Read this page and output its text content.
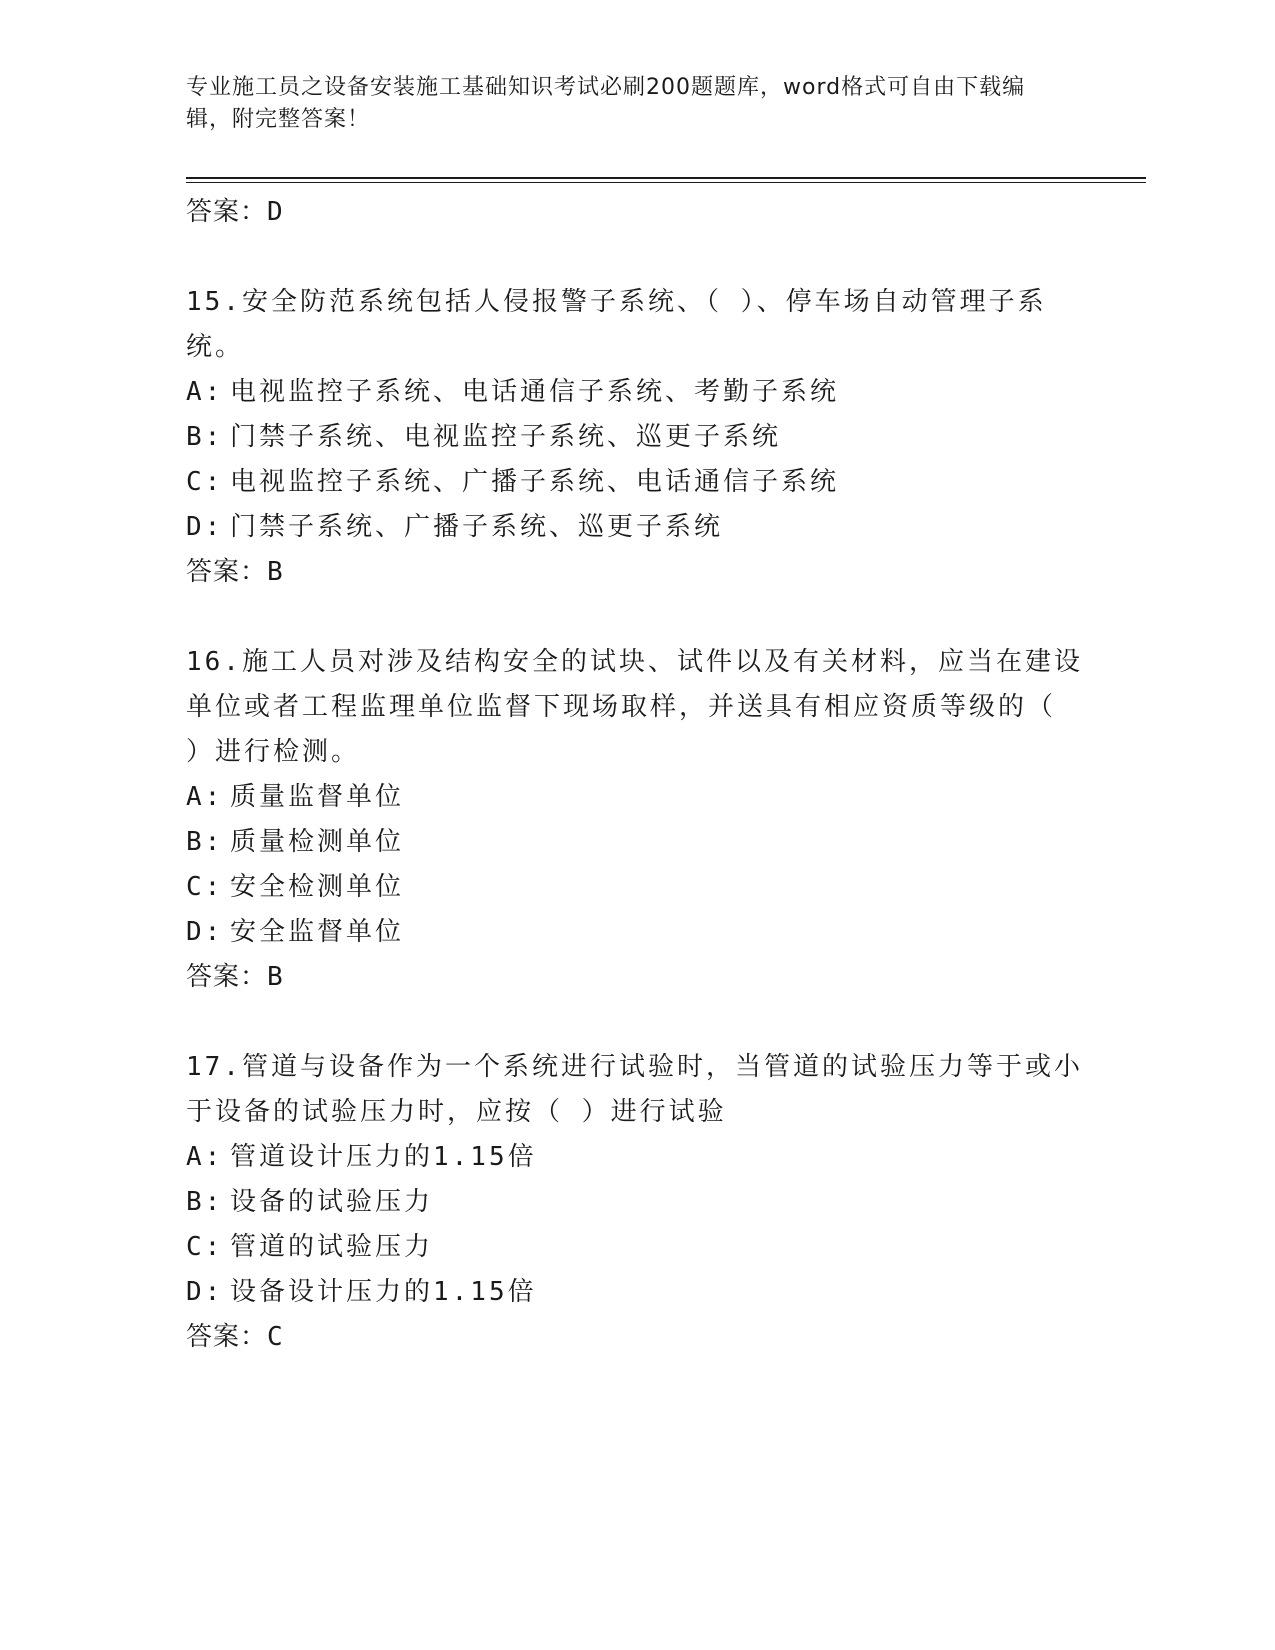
专业施工员之设备安装施工基础知识考试必刷200题题库，word格式可自由下载编辑，附完整答案！
答案：D
15.安全防范系统包括人侵报警子系统、（ ）、停车场自动管理子系统。
A: 电视监控子系统、电话通信子系统、考勤子系统
B: 门禁子系统、电视监控子系统、巡更子系统
C: 电视监控子系统、广播子系统、电话通信子系统
D: 门禁子系统、广播子系统、巡更子系统
答案：B
16.施工人员对涉及结构安全的试块、试件以及有关材料，应当在建设单位或者工程监理单位监督下现场取样，并送具有相应资质等级的（ ）进行检测。
A: 质量监督单位
B: 质量检测单位
C: 安全检测单位
D: 安全监督单位
答案：B
17.管道与设备作为一个系统进行试验时，当管道的试验压力等于或小于设备的试验压力时，应按（ ）进行试验
A: 管道设计压力的1.15倍
B: 设备的试验压力
C: 管道的试验压力
D: 设备设计压力的1.15倍
答案：C
